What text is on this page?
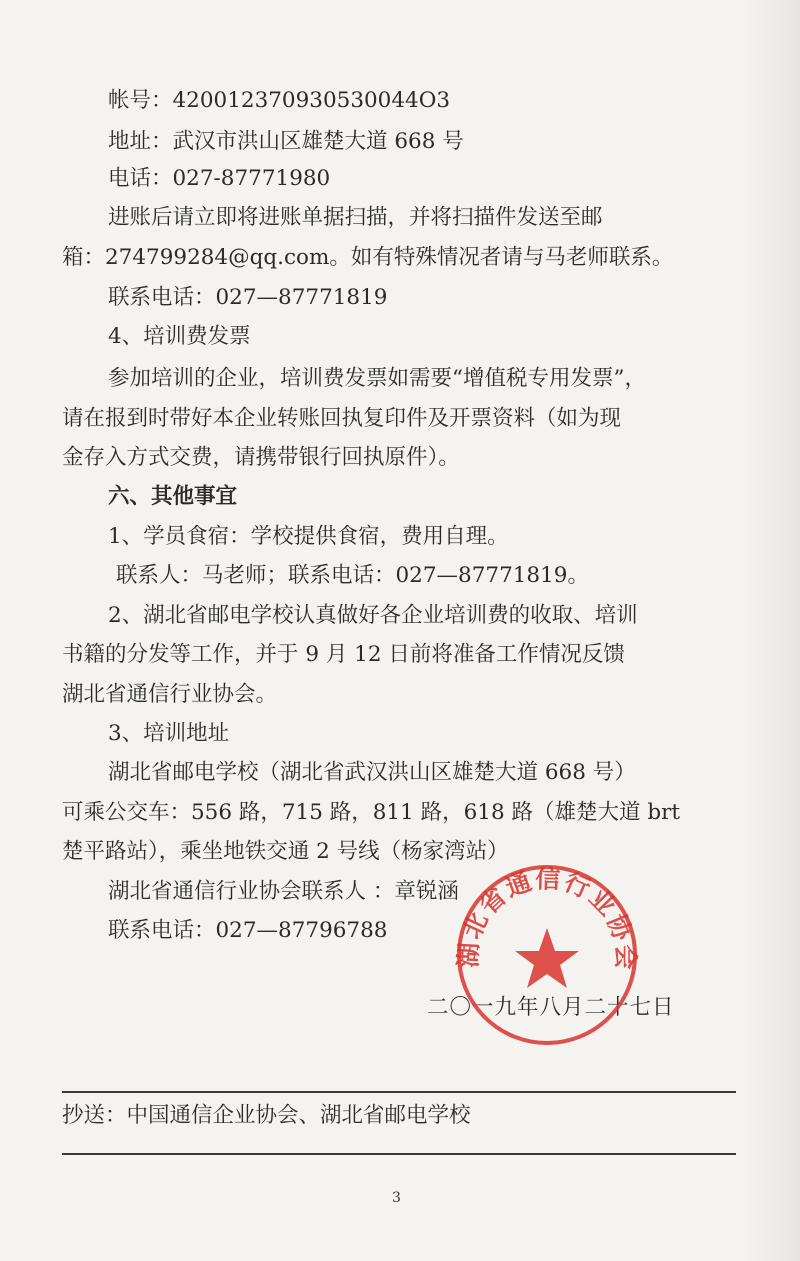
帐号：420012370930530044O3
地址：武汉市洪山区雄楚大道 668 号
电话：027-87771980
进账后请立即将进账单据扫描，并将扫描件发送至邮
箱：274799284@qq.com。如有特殊情况者请与马老师联系。
联系电话：027—87771819
4、培训费发票
参加培训的企业，培训费发票如需要“增值税专用发票”，
请在报到时带好本企业转账回执复印件及开票资料（如为现
金存入方式交费，请携带银行回执原件）。
六、其他事宜
1、学员食宿：学校提供食宿，费用自理。
联系人：马老师；联系电话：027—87771819。
2、湖北省邮电学校认真做好各企业培训费的收取、培训
书籍的分发等工作，并于 9 月 12 日前将准备工作情况反馈
湖北省通信行业协会。
3、培训地址
湖北省邮电学校（湖北省武汉洪山区雄楚大道 668 号）
可乘公交车：556 路，715 路，811 路，618 路（雄楚大道 brt
楚平路站），乘坐地铁交通 2 号线（杨家湾站）
湖北省通信行业协会联系人 ：章锐涵
联系电话：027—87796788
二〇一九年八月二十七日
湖北省通信行业协会
抄送：中国通信企业协会、湖北省邮电学校
3
